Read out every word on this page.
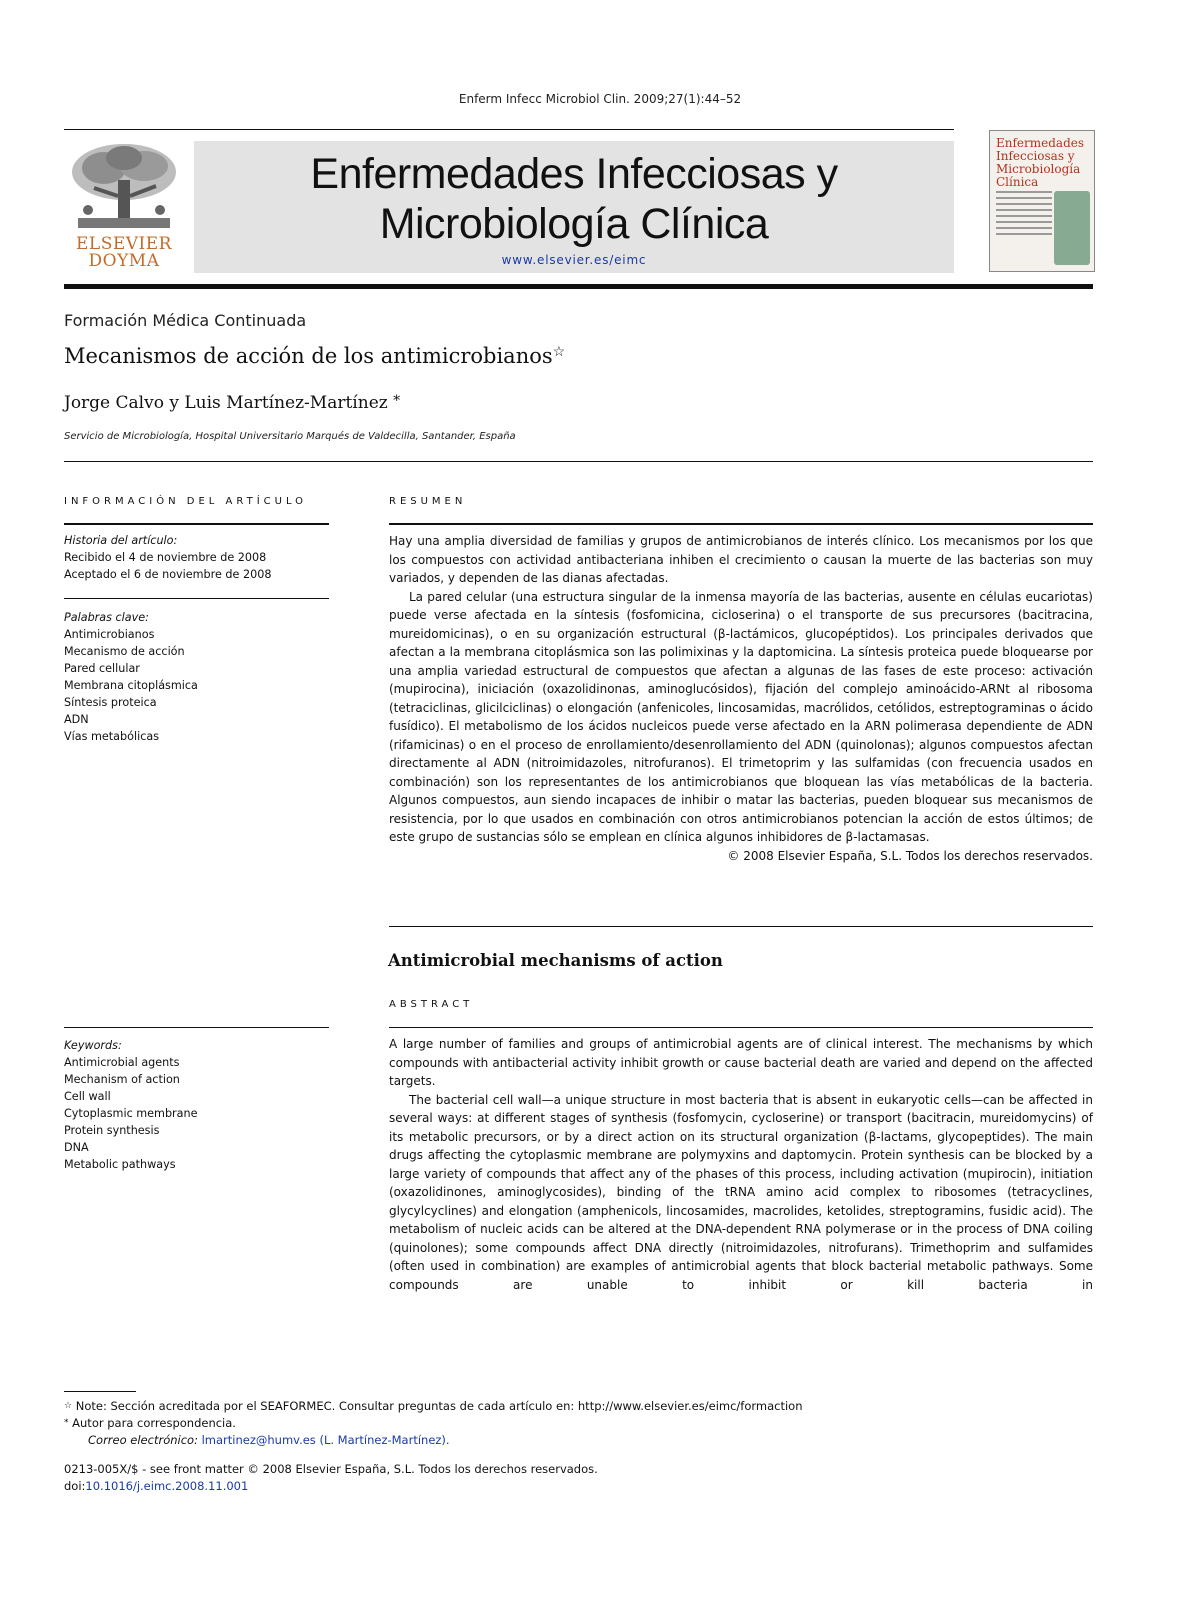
Enferm Infecc Microbiol Clin. 2009;27(1):44–52
ELSEVIER
DOYMA
Enfermedades Infecciosas y
Microbiología Clínica
www.elsevier.es/eimc
Enfermedades Infecciosas y Microbiología Clínica
Formación Médica Continuada
Mecanismos de acción de los antimicrobianos☆
Jorge Calvo y Luis Martínez-Martínez *
Servicio de Microbiología, Hospital Universitario Marqués de Valdecilla, Santander, España
INFORMACIÓN DEL ARTÍCULO
Historia del artículo:
Recibido el 4 de noviembre de 2008
Aceptado el 6 de noviembre de 2008
Palabras clave:
Antimicrobianos
Mecanismo de acción
Pared cellular
Membrana citoplásmica
Síntesis proteica
ADN
Vías metabólicas
Keywords:
Antimicrobial agents
Mechanism of action
Cell wall
Cytoplasmic membrane
Protein synthesis
DNA
Metabolic pathways
RESUMEN

Hay una amplia diversidad de familias y grupos de antimicrobianos de interés clínico. Los mecanismos por los que los compuestos con actividad antibacteriana inhiben el crecimiento o causan la muerte de las bacterias son muy variados, y dependen de las dianas afectadas.

La pared celular (una estructura singular de la inmensa mayoría de las bacterias, ausente en células eucariotas) puede verse afectada en la síntesis (fosfomicina, cicloserina) o el transporte de sus precursores (bacitracina, mureidomicinas), o en su organización estructural (β-lactámicos, glucopéptidos). Los principales derivados que afectan a la membrana citoplásmica son las polimixinas y la daptomicina. La síntesis proteica puede bloquearse por una amplia variedad estructural de compuestos que afectan a algunas de las fases de este proceso: activación (mupirocina), iniciación (oxazolidinonas, aminoglucósidos), fijación del complejo aminoácido-ARNt al ribosoma (tetraciclinas, glicilciclinas) o elongación (anfenicoles, lincosamidas, macrólidos, cetólidos, estreptograminas o ácido fusídico). El metabolismo de los ácidos nucleicos puede verse afectado en la ARN polimerasa dependiente de ADN (rifamicinas) o en el proceso de enrollamiento/desenrollamiento del ADN (quinolonas); algunos compuestos afectan directamente al ADN (nitroimidazoles, nitrofuranos). El trimetoprim y las sulfamidas (con frecuencia usados en combinación) son los representantes de los antimicrobianos que bloquean las vías metabólicas de la bacteria. Algunos compuestos, aun siendo incapaces de inhibir o matar las bacterias, pueden bloquear sus mecanismos de resistencia, por lo que usados en combinación con otros antimicrobianos potencian la acción de estos últimos; de este grupo de sustancias sólo se emplean en clínica algunos inhibidores de β-lactamasas.

© 2008 Elsevier España, S.L. Todos los derechos reservados.

Antimicrobial mechanisms of action
ABSTRACT

A large number of families and groups of antimicrobial agents are of clinical interest. The mechanisms by which compounds with antibacterial activity inhibit growth or cause bacterial death are varied and depend on the affected targets.

The bacterial cell wall—a unique structure in most bacteria that is absent in eukaryotic cells—can be affected in several ways: at different stages of synthesis (fosfomycin, cycloserine) or transport (bacitracin, mureidomycins) of its metabolic precursors, or by a direct action on its structural organization (β-lactams, glycopeptides). The main drugs affecting the cytoplasmic membrane are polymyxins and daptomycin. Protein synthesis can be blocked by a large variety of compounds that affect any of the phases of this process, including activation (mupirocin), initiation (oxazolidinones, aminoglycosides), binding of the tRNA amino acid complex to ribosomes (tetracyclines, glycylcyclines) and elongation (amphenicols, lincosamides, macrolides, ketolides, streptogramins, fusidic acid). The metabolism of nucleic acids can be altered at the DNA-dependent RNA polymerase or in the process of DNA coiling (quinolones); some compounds affect DNA directly (nitroimidazoles, nitrofurans). Trimethoprim and sulfamides (often used in combination) are examples of antimicrobial agents that block bacterial metabolic pathways. Some compounds are unable to inhibit or kill bacteria in

☆ Note: Sección acreditada por el SEAFORMEC. Consultar preguntas de cada artículo en: http://www.elsevier.es/eimc/formaction
* Autor para correspondencia.
Correo electrónico: lmartinez@humv.es (L. Martínez-Martínez).
0213-005X/$ - see front matter © 2008 Elsevier España, S.L. Todos los derechos reservados.
doi:10.1016/j.eimc.2008.11.001
